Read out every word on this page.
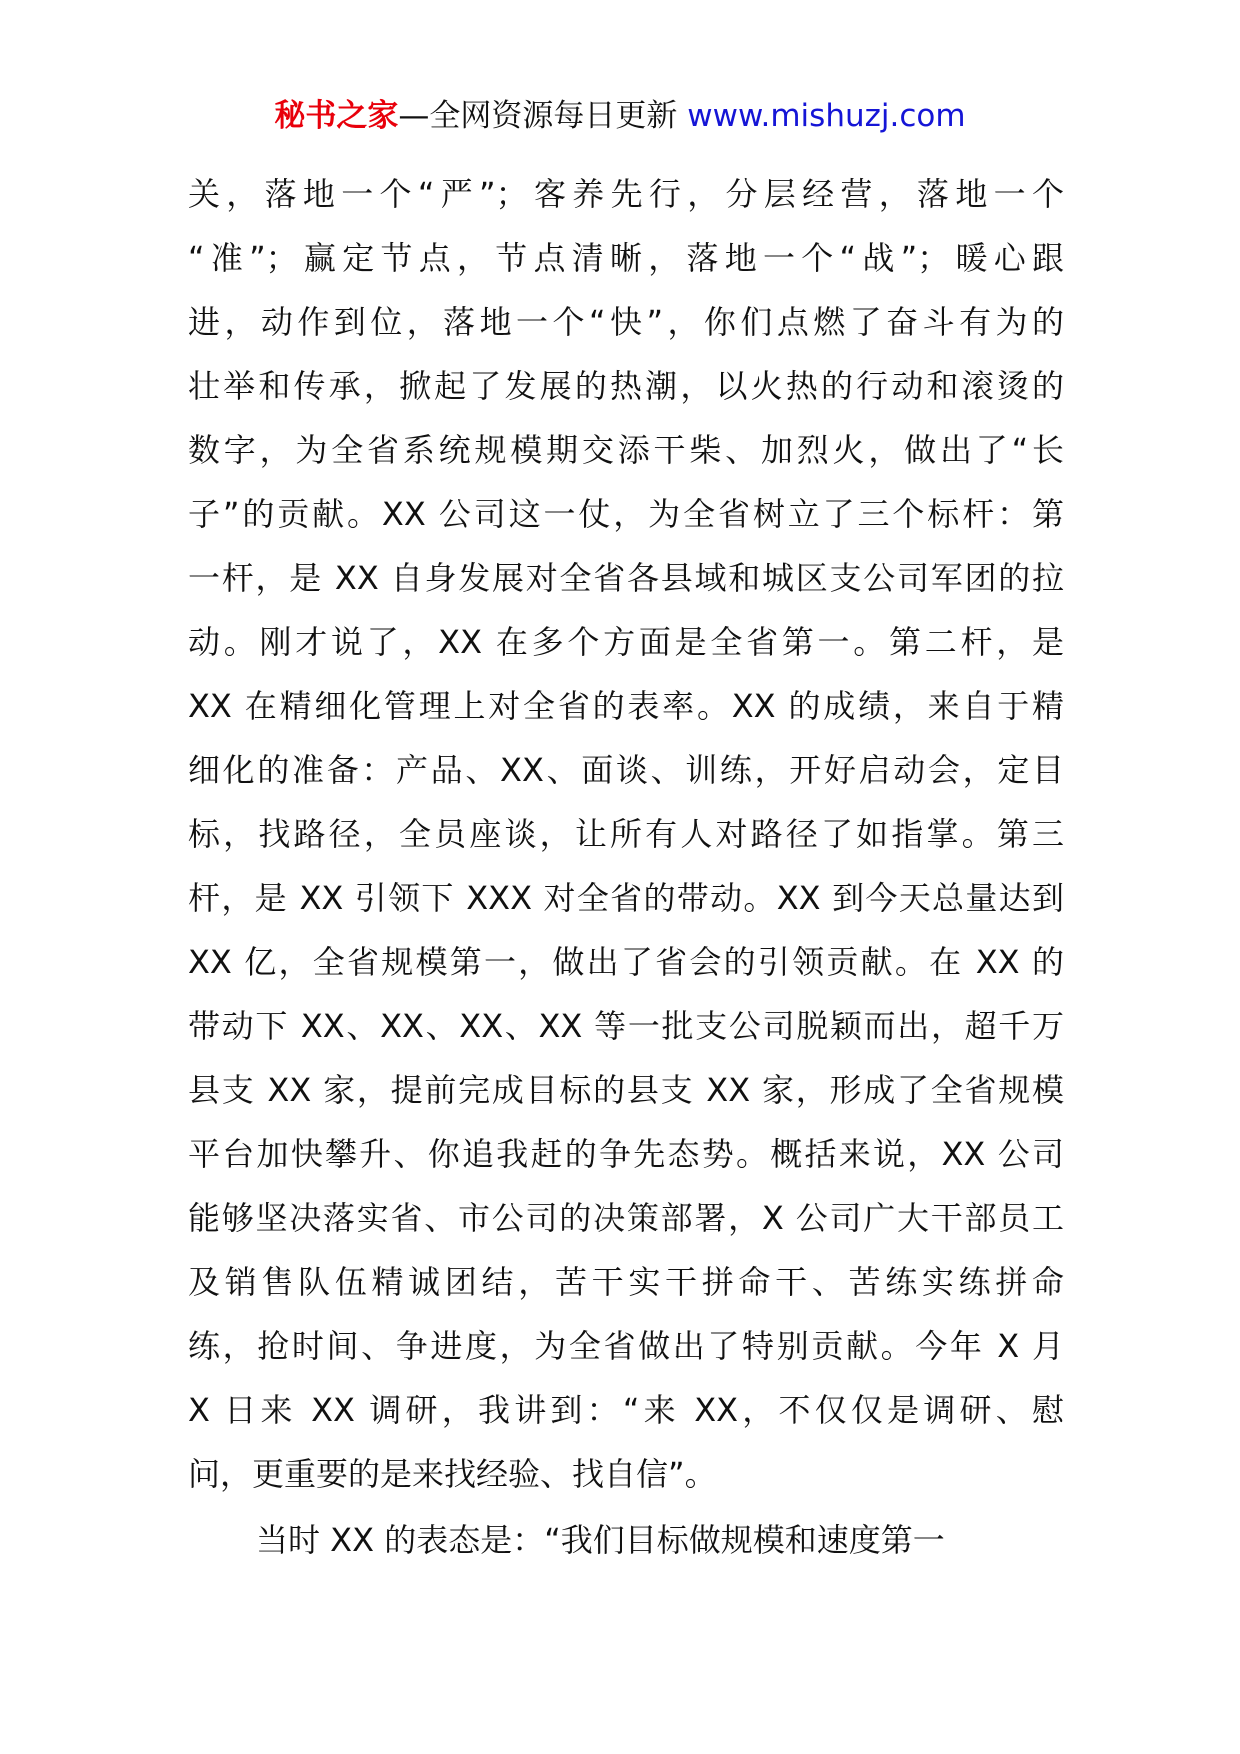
秘书之家—全网资源每日更新 www.mishuzj.com
关，落地一个“严”；客养先行，分层经营，落地一个
“准”；赢定节点，节点清晰，落地一个“战”；暖心跟
进，动作到位，落地一个“快”，你们点燃了奋斗有为的
壮举和传承，掀起了发展的热潮，以火热的行动和滚烫的
数字，为全省系统规模期交添干柴、加烈火，做出了“长
子”的贡献。XX 公司这一仗，为全省树立了三个标杆：第
一杆，是 XX 自身发展对全省各县域和城区支公司军团的拉
动。刚才说了，XX 在多个方面是全省第一。第二杆，是
XX 在精细化管理上对全省的表率。XX 的成绩，来自于精
细化的准备：产品、XX、面谈、训练，开好启动会，定目
标，找路径，全员座谈，让所有人对路径了如指掌。第三
杆，是 XX 引领下 XXX 对全省的带动。XX 到今天总量达到
XX 亿，全省规模第一，做出了省会的引领贡献。在 XX 的
带动下 XX、XX、XX、XX 等一批支公司脱颖而出，超千万
县支 XX 家，提前完成目标的县支 XX 家，形成了全省规模
平台加快攀升、你追我赶的争先态势。概括来说，XX 公司
能够坚决落实省、市公司的决策部署，X 公司广大干部员工
及销售队伍精诚团结，苦干实干拼命干、苦练实练拼命
练，抢时间、争进度，为全省做出了特别贡献。今年 X 月
X 日来 XX 调研，我讲到：“来 XX，不仅仅是调研、慰
问，更重要的是来找经验、找自信”。
当时 XX 的表态是：“我们目标做规模和速度第一
